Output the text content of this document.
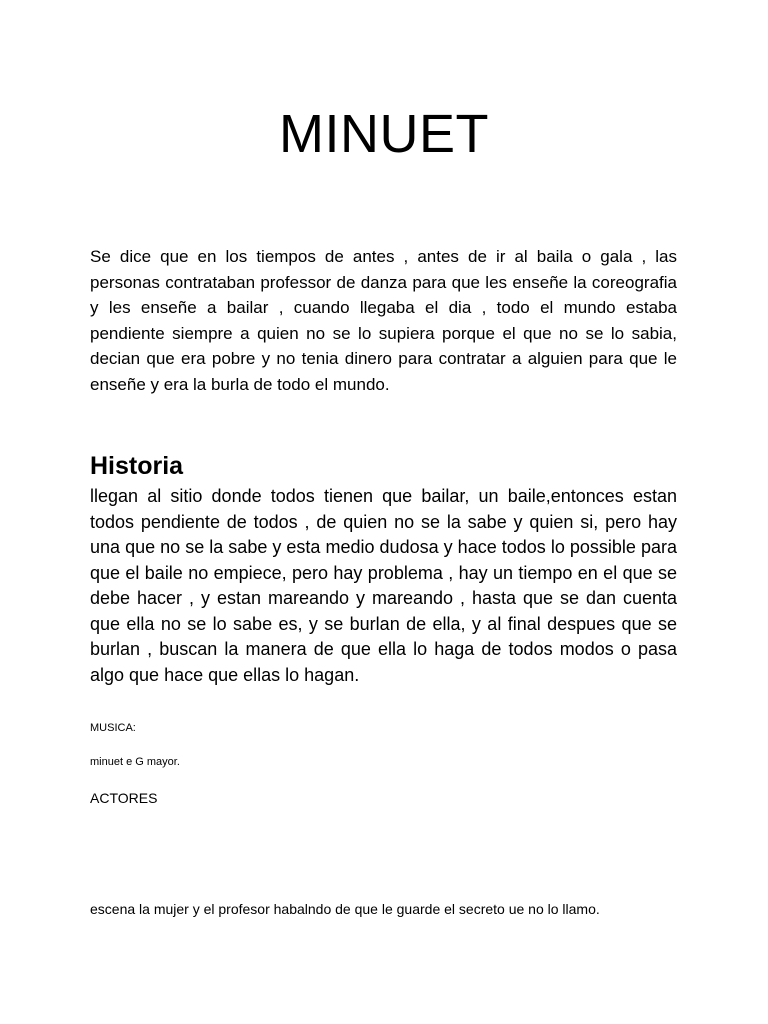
MINUET

Se dice que en los tiempos de antes , antes de ir al baila o gala , las personas contrataban professor de danza para que les enseñe la coreografia y les enseñe a bailar , cuando llegaba el dia , todo el mundo estaba pendiente siempre a quien no se lo supiera porque el que no se lo sabia, decian que era pobre y no tenia dinero para contratar a alguien para que le enseñe y era la burla de todo el mundo.

Historia

llegan al sitio donde todos tienen que bailar, un baile,entonces estan todos pendiente de todos , de quien no se la sabe y quien si, pero hay una que no se la sabe y esta medio dudosa y hace todos lo possible para que el baile no empiece, pero hay problema , hay un tiempo en el que se debe hacer , y estan mareando y mareando , hasta que se dan cuenta que ella no se lo sabe es, y se burlan de ella, y al final despues que se burlan , buscan la manera de que ella lo haga de todos modos o pasa algo que hace que ellas lo hagan.

MUSICA:

minuet e G mayor.

ACTORES

escena la mujer y el profesor habalndo de que le guarde el secreto ue no lo llamo.
